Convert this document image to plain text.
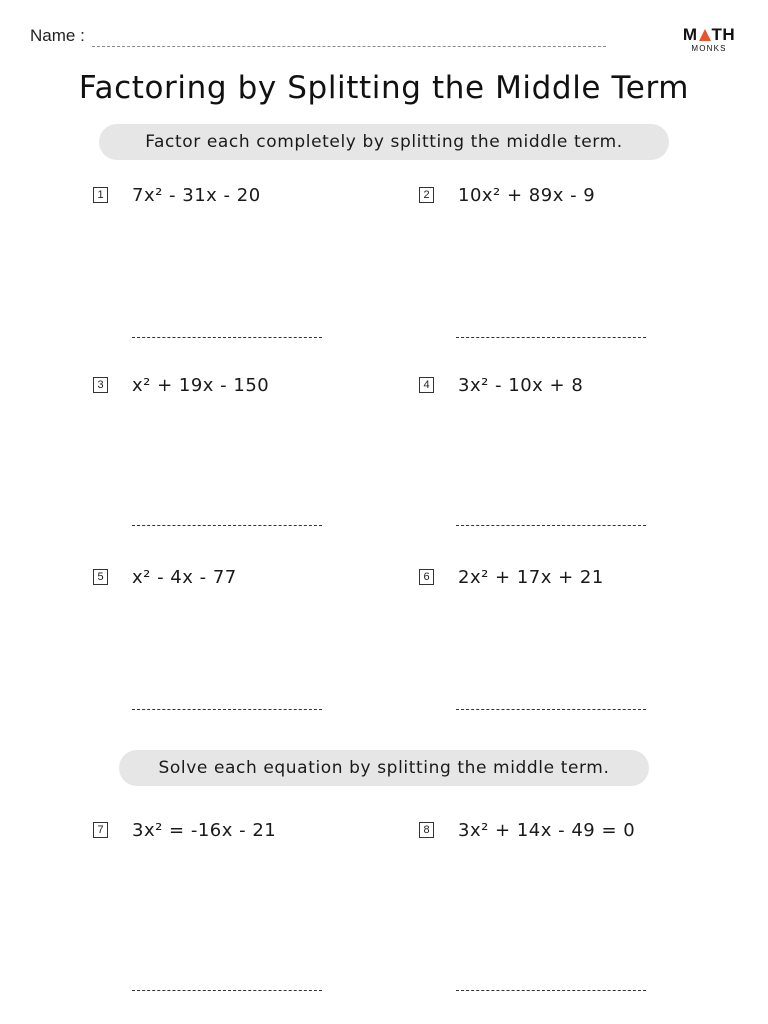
Name :	M TH
MONKS
Factoring by Splitting the Middle Term
Factor each completely by splitting the middle term.
1 7x² - 31x - 20	2 10x² + 89x - 9
3 x² + 19x - 150	4 3x² - 10x + 8
5 x² - 4x - 77	6 2x² + 17x + 21
Solve each equation by splitting the middle term.
7 3x² = -16x - 21	8 3x² + 14x - 49 = 0
